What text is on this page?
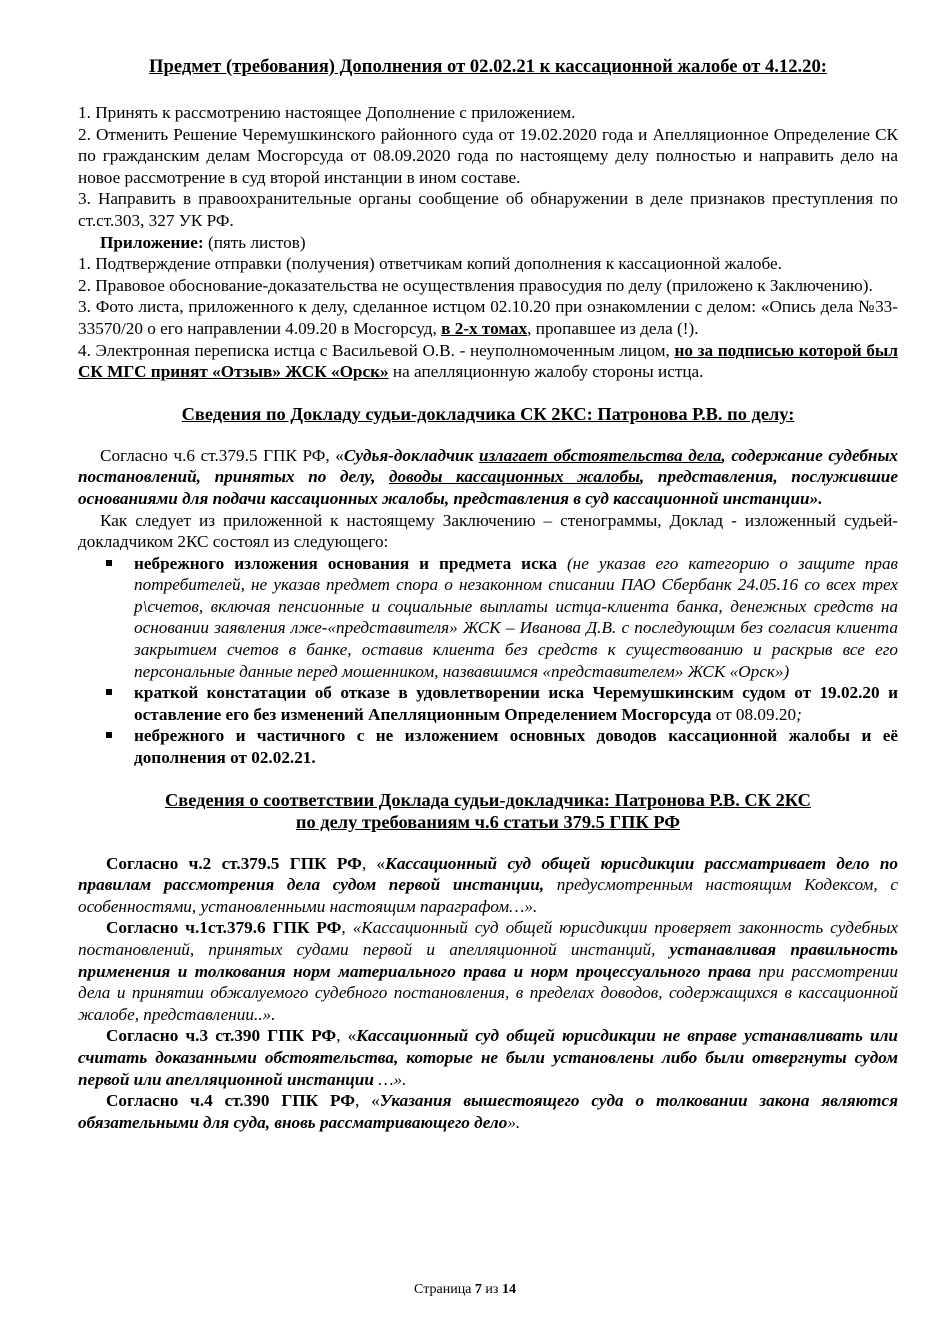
Предмет (требования) Дополнения от 02.02.21 к кассационной жалобе от 4.12.20:

1. Принять к рассмотрению настоящее Дополнение с приложением.

2. Отменить Решение Черемушкинского районного суда от 19.02.2020 года и Апелляционное Определение СК по гражданским делам Мосгорсуда от 08.09.2020 года по настоящему делу полностью и направить дело на новое рассмотрение в суд второй инстанции в ином составе.

3. Направить в правоохранительные органы сообщение об обнаружении в деле признаков преступления по ст.ст.303, 327 УК РФ.

Приложение: (пять листов)

1. Подтверждение отправки (получения) ответчикам копий дополнения к кассационной жалобе.

2. Правовое обоснование-доказательства не осуществления правосудия по делу (приложено к Заключению).

3. Фото листа, приложенного к делу, сделанное истцом 02.10.20 при ознакомлении с делом: «Опись дела №33-33570/20 о его направлении 4.09.20 в Мосгорсуд, в 2-х томах, пропавшее из дела (!).

4. Электронная переписка истца с Васильевой О.В. - неуполномоченным лицом, но за подписью которой был СК МГС принят «Отзыв» ЖСК «Орск» на апелляционную жалобу стороны истца.

Сведения по Докладу судьи-докладчика СК 2КС: Патронова Р.В. по делу:

Согласно ч.6 ст.379.5 ГПК РФ, «Судья-докладчик излагает обстоятельства дела, содержание судебных постановлений, принятых по делу, доводы кассационных жалобы, представления, послужившие основаниями для подачи кассационных жалобы, представления в суд кассационной инстанции».

Как следует из приложенной к настоящему Заключению – стенограммы, Доклад - изложенный судьей-докладчиком 2КС состоял из следующего:

небрежного изложения основания и предмета иска (не указав его категорию о защите прав потребителей, не указав предмет спора о незаконном списании ПАО Сбербанк 24.05.16 со всех трех р\счетов, включая пенсионные и социальные выплаты истца-клиента банка, денежных средств на основании заявления лже-«представителя» ЖСК – Иванова Д.В. с последующим без согласия клиента закрытием счетов в банке, оставив клиента без средств к существованию и раскрыв все его персональные данные перед мошенником, назвавшимся «представителем» ЖСК «Орск»)
краткой констатации об отказе в удовлетворении иска Черемушкинским судом от 19.02.20 и оставление его без изменений Апелляционным Определением Мосгорсуда от 08.09.20;
небрежного и частичного с не изложением основных доводов кассационной жалобы и её дополнения от 02.02.21.
Сведения о соответствии Доклада судьи-докладчика: Патронова Р.В. СК 2КС
по делу требованиям ч.6 статьи 379.5 ГПК РФ

Согласно ч.2 ст.379.5 ГПК РФ, «Кассационный суд общей юрисдикции рассматривает дело по правилам рассмотрения дела судом первой инстанции, предусмотренным настоящим Кодексом, с особенностями, установленными настоящим параграфом…».

Согласно ч.1ст.379.6 ГПК РФ, «Кассационный суд общей юрисдикции проверяет законность судебных постановлений, принятых судами первой и апелляционной инстанций, устанавливая правильность применения и толкования норм материального права и норм процессуального права при рассмотрении дела и принятии обжалуемого судебного постановления, в пределах доводов, содержащихся в кассационной жалобе, представлении..».

Согласно ч.3 ст.390 ГПК РФ, «Кассационный суд общей юрисдикции не вправе устанавливать или считать доказанными обстоятельства, которые не были установлены либо были отвергнуты судом первой или апелляционной инстанции …».

Согласно ч.4 ст.390 ГПК РФ, «Указания вышестоящего суда о толковании закона являются обязательными для суда, вновь рассматривающего дело».

Страница 7 из 14
